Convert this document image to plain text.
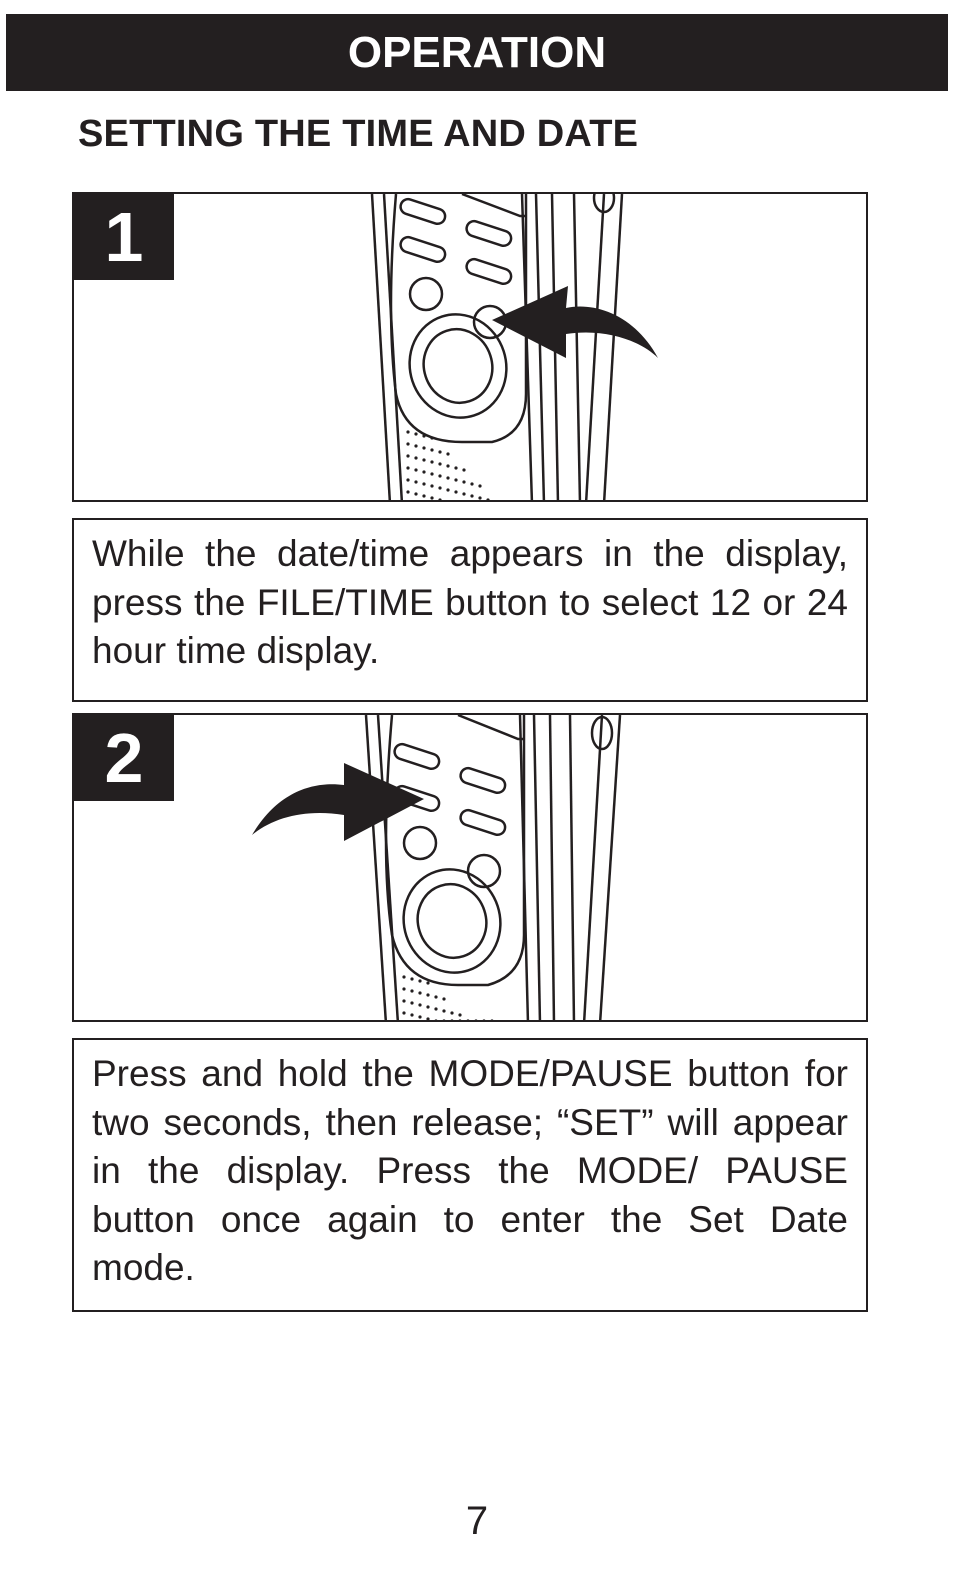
OPERATION
SETTING THE TIME AND DATE
1
While the date/time appears in the display, press the FILE/TIME button to select 12 or 24 hour time display.
2
Press and hold the MODE/PAUSE button for two seconds, then release; “SET” will appear in the display. Press the MODE/ PAUSE button once again to enter the Set Date mode.
7
